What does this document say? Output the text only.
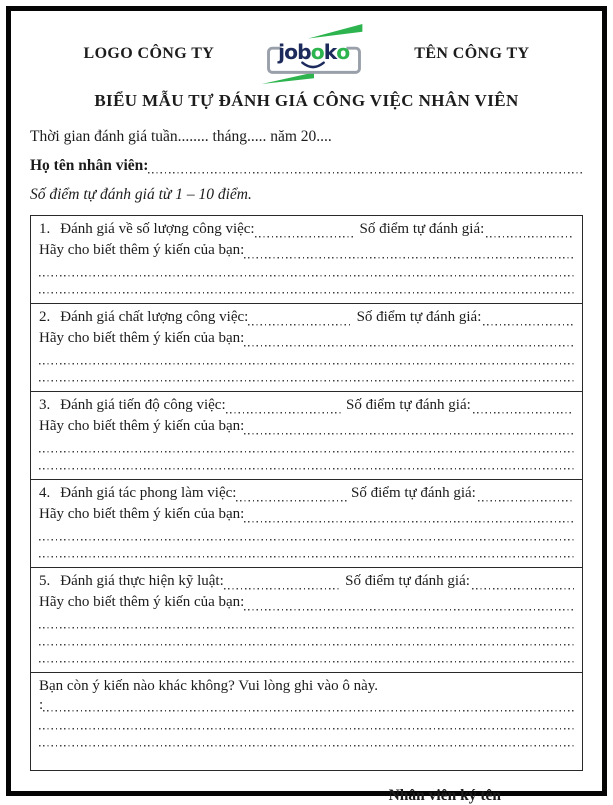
LOGO CÔNG TY	joboko	TÊN CÔNG TY
BIỂU MẪU TỰ ĐÁNH GIÁ CÔNG VIỆC NHÂN VIÊN
Thời gian đánh giá tuần........ tháng..... năm 20....
Họ tên nhân viên:
Số điểm tự đánh giá từ 1 – 10 điểm.
1. Đánh giá về số lượng công việc:	Số điểm tự đánh giá:
Hãy cho biết thêm ý kiến của bạn:
2. Đánh giá chất lượng công việc:	Số điểm tự đánh giá:
Hãy cho biết thêm ý kiến của bạn:
3. Đánh giá tiến độ công việc:	Số điểm tự đánh giá:
Hãy cho biết thêm ý kiến của bạn:
4. Đánh giá tác phong làm việc:	Số điểm tự đánh giá:
Hãy cho biết thêm ý kiến của bạn:
5. Đánh giá thực hiện kỹ luật:	Số điểm tự đánh giá:
Hãy cho biết thêm ý kiến của bạn:
Bạn còn ý kiến nào khác không? Vui lòng ghi vào ô này.
:
Nhân viên ký tên
